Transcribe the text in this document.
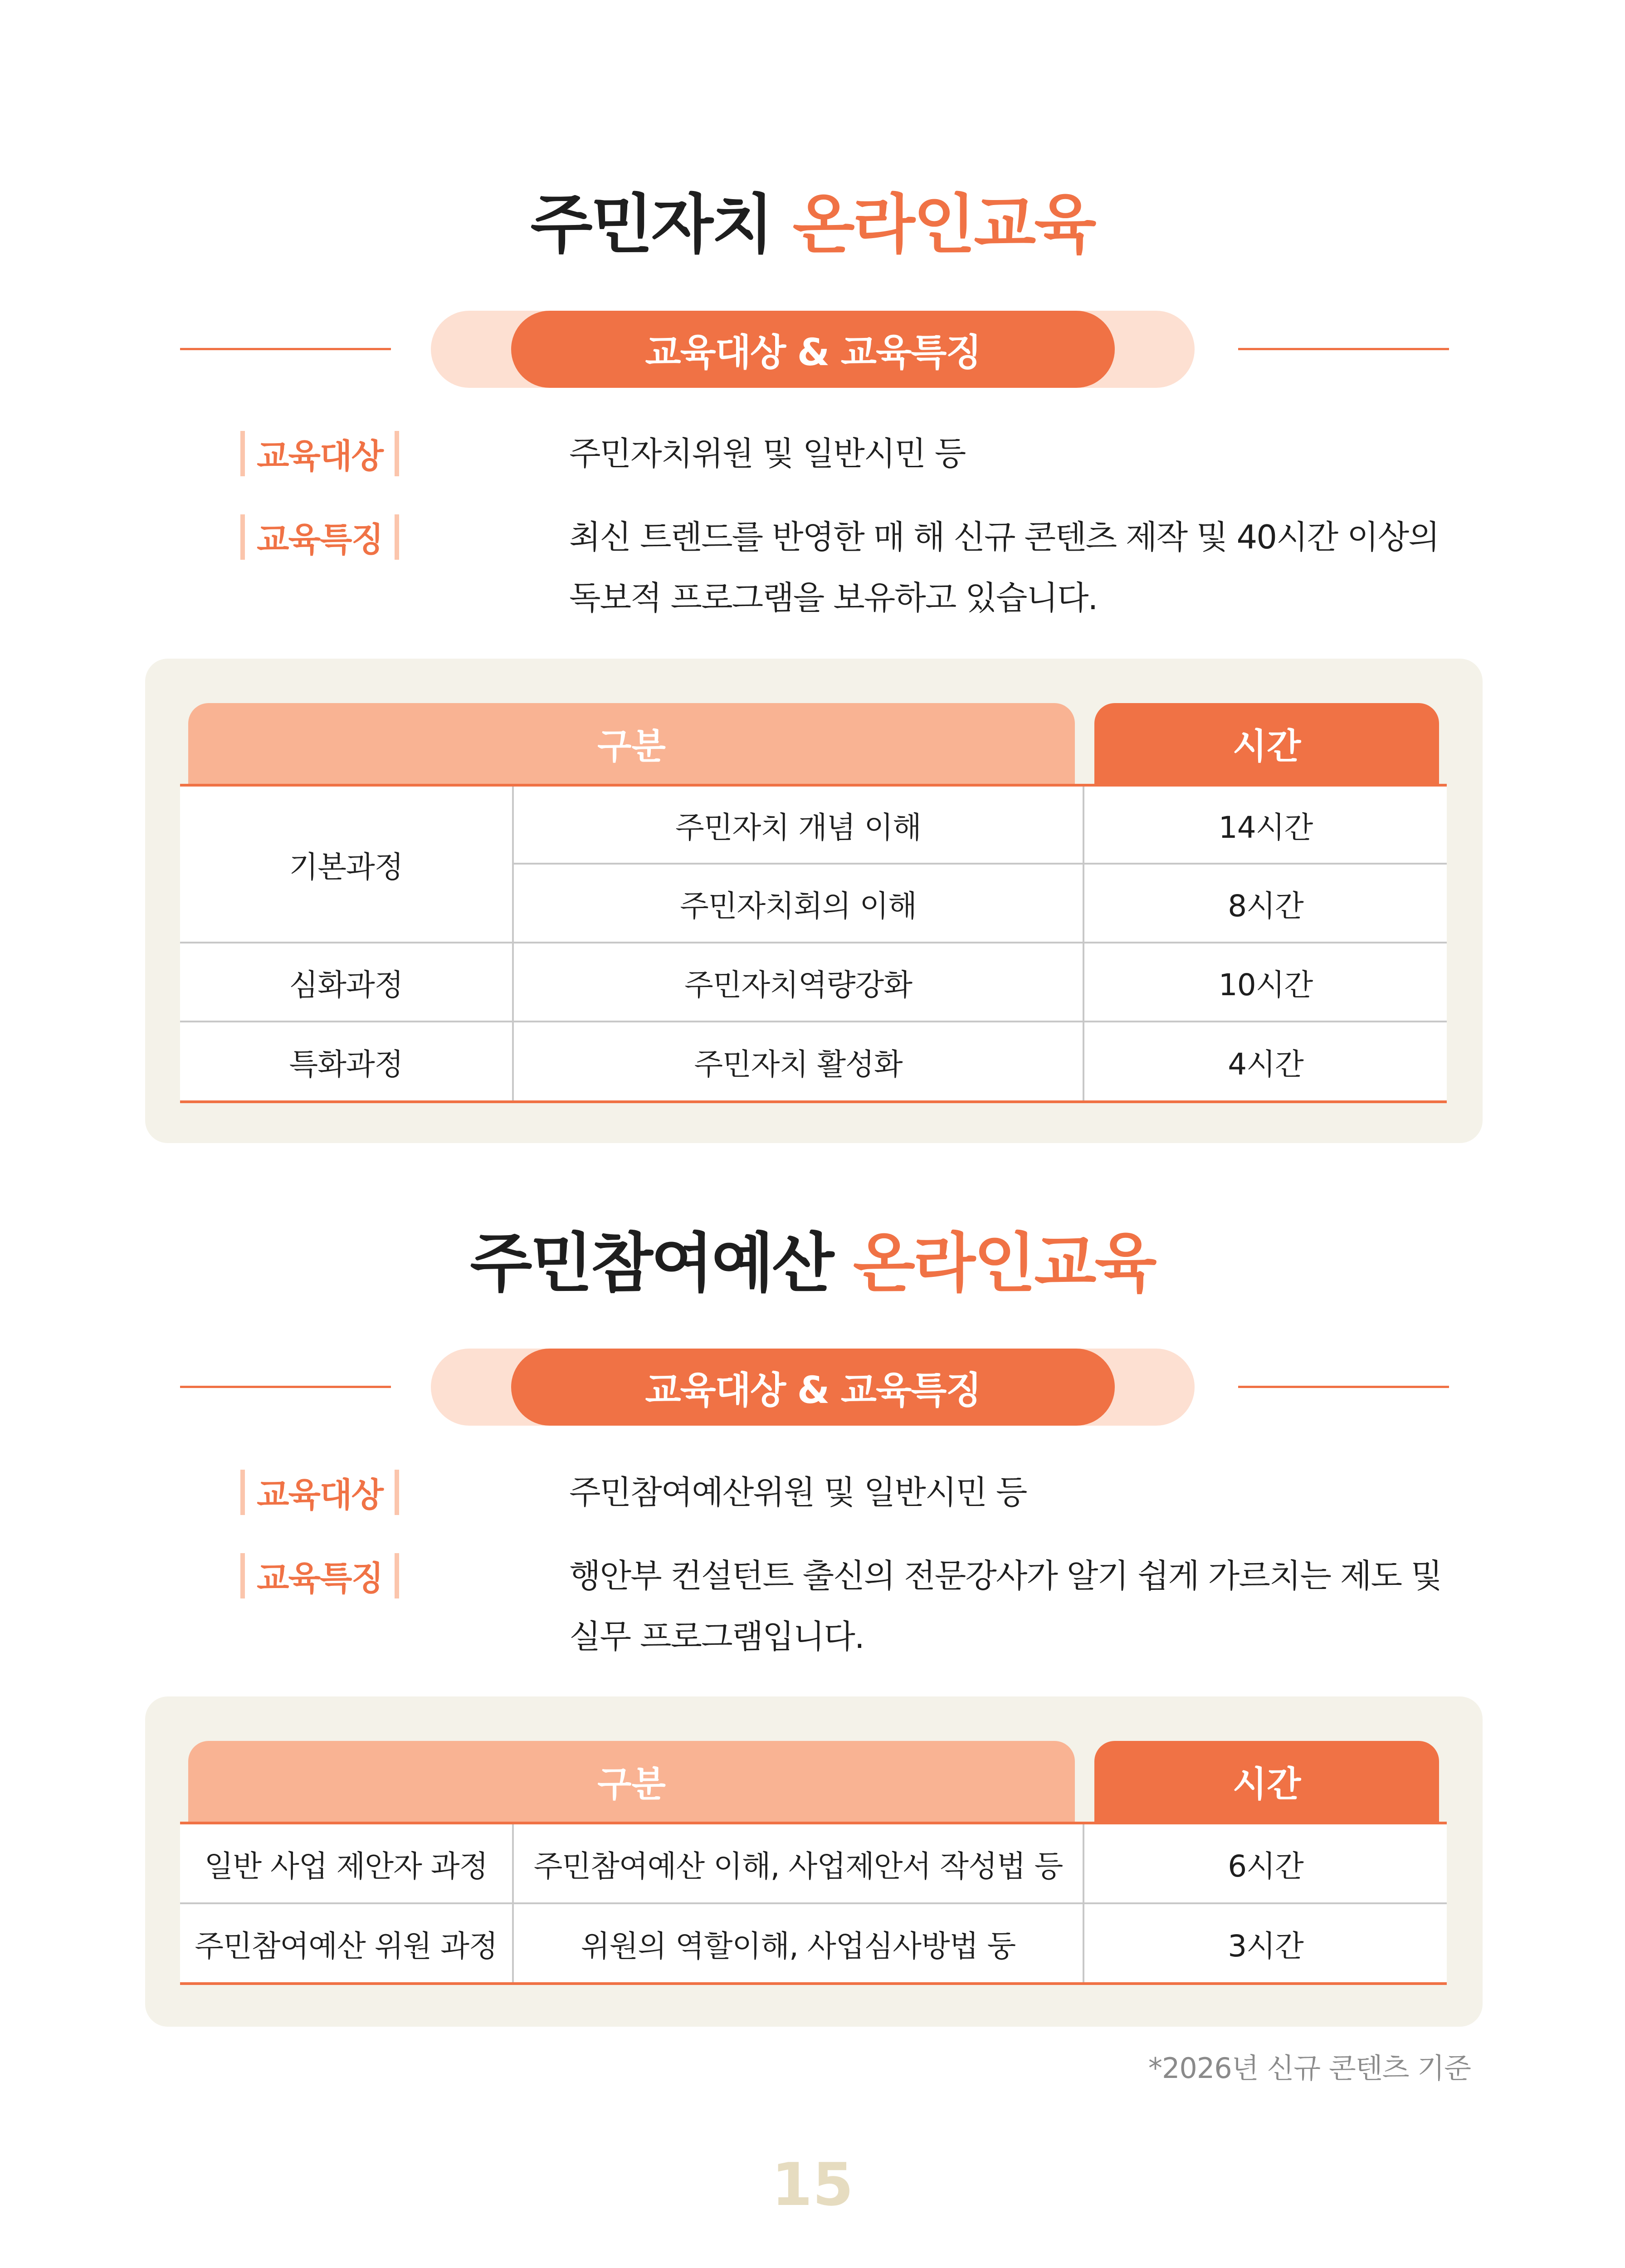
주민자치 온라인교육
교육대상 & 교육특징
교육대상	주민자치위원 및 일반시민 등
교육특징	최신 트렌드를 반영한 매 해 신규 콘텐츠 제작 및 40시간 이상의
독보적 프로그램을 보유하고 있습니다.
구분	시간
기본과정
주민자치 개념 이해	14시간
주민자치회의 이해	8시간
심화과정	주민자치역량강화	10시간
특화과정	주민자치 활성화	4시간
주민참여예산 온라인교육
교육대상 & 교육특징
교육대상	주민참여예산위원 및 일반시민 등
교육특징	행안부 컨설턴트 출신의 전문강사가 알기 쉽게 가르치는 제도 및
실무 프로그램입니다.
구분	시간
일반 사업 제안자 과정	주민참여예산 이해, 사업제안서 작성법 등	6시간
주민참여예산 위원 과정	위원의 역할이해, 사업심사방법 둥	3시간
*2026년 신규 콘텐츠 기준
15
